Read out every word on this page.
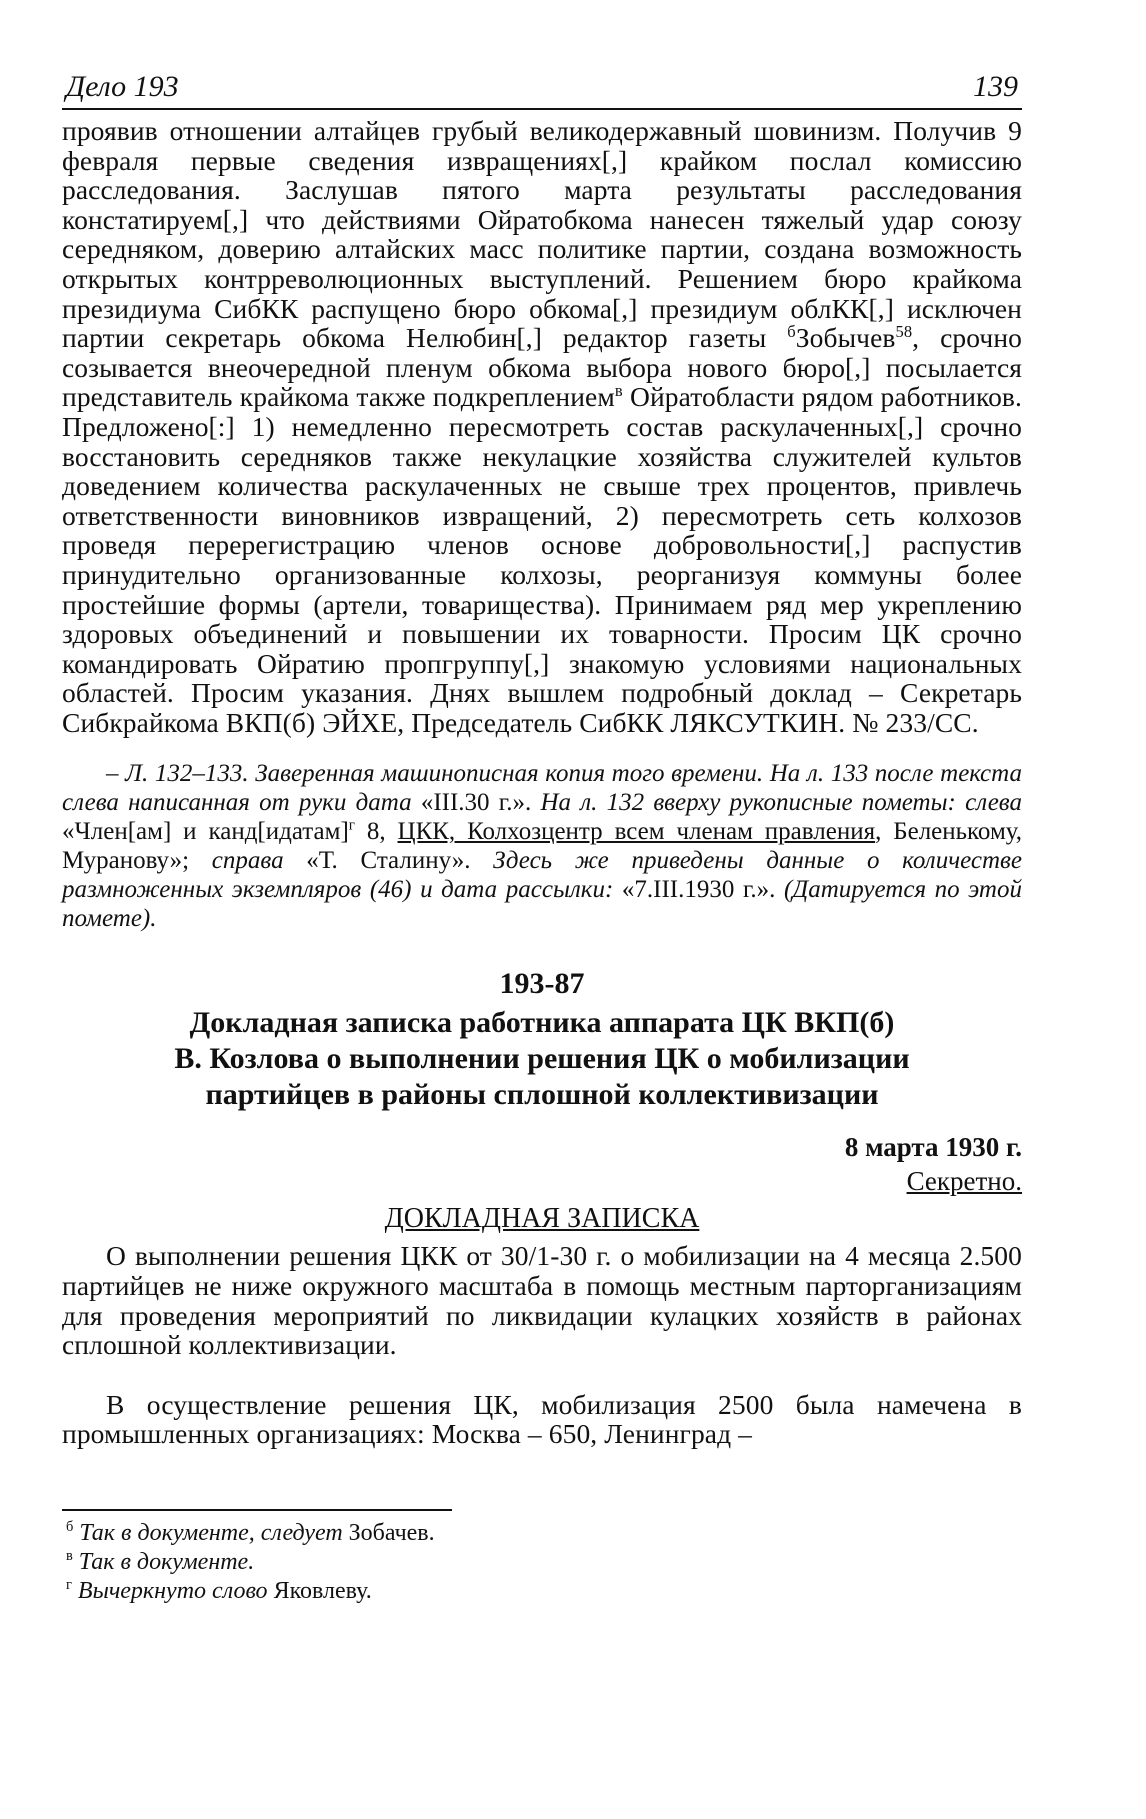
Дело 193	139

проявив отношении алтайцев грубый великодержавный шовинизм. Получив 9 февраля первые сведения извращениях[,] крайком послал комиссию расследования. Заслушав пятого марта результаты расследования констатируем[,] что действиями Ойратобкома нанесен тяжелый удар союзу середняком, доверию алтайских масс политике партии, создана возможность открытых контрреволюционных выступлений. Решением бюро крайкома президиума СибКК распущено бюро обкома[,] президиум облКК[,] исключен партии секретарь обкома Нелюбин[,] редактор газеты $^б$Зобычев$^{58}$, срочно созывается внеочередной пленум обкома выбора нового бюро[,] посылается представитель крайкома также подкреплением$^в$ Ойратобласти рядом работников. Предложено[:] 1) немедленно пересмотреть состав раскулаченных[,] срочно восстановить середняков также некулацкие хозяйства служителей культов доведением количества раскулаченных не свыше трех процентов, привлечь ответственности виновников извращений, 2) пересмотреть сеть колхозов проведя перерегистрацию членов основе добровольности[,] распустив принудительно организованные колхозы, реорганизуя коммуны более простейшие формы (артели, товарищества). Принимаем ряд мер укреплению здоровых объединений и повышении их товарности. Просим ЦК срочно командировать Ойратию пропгруппу[,] знакомую условиями национальных областей. Просим указания. Днях вышлем подробный доклад – Секретарь Сибкрайкома ВКП(б) ЭЙХЕ, Председатель СибКК ЛЯКСУТКИН. № 233/СС.

– Л. 132–133. Заверенная машинописная копия того времени. На л. 133 после текста слева написанная от руки дата «III.30 г.». На л. 132 вверху рукописные пометы: слева «Член[ам] и канд[идатам]$^г$ 8, ЦКК, Колхозцентр всем членам правления, Беленькому, Муранову»; справа «Т. Сталину». Здесь же приведены данные о количестве размноженных экземпляров (46) и дата рассылки: «7.III.1930 г.». (Датируется по этой помете).
193-87
Докладная записка работника аппарата ЦК ВКП(б)
В. Козлова о выполнении решения ЦК о мобилизации
партийцев в районы сплошной коллективизации
8 марта 1930 г.
Секретно.
ДОКЛАДНАЯ ЗАПИСКА

О выполнении решения ЦКК от 30/1-30 г. о мобилизации на 4 месяца 2.500 партийцев не ниже окружного масштаба в помощь местным парторганизациям для проведения мероприятий по ликвидации кулацких хозяйств в районах сплошной коллективизации.

В осуществление решения ЦК, мобилизация 2500 была намечена в промышленных организациях: Москва – 650, Ленинград –

$^б$ Так в документе, следует Зобачев.
$^в$ Так в документе.
$^г$ Вычеркнуто слово Яковлеву.
